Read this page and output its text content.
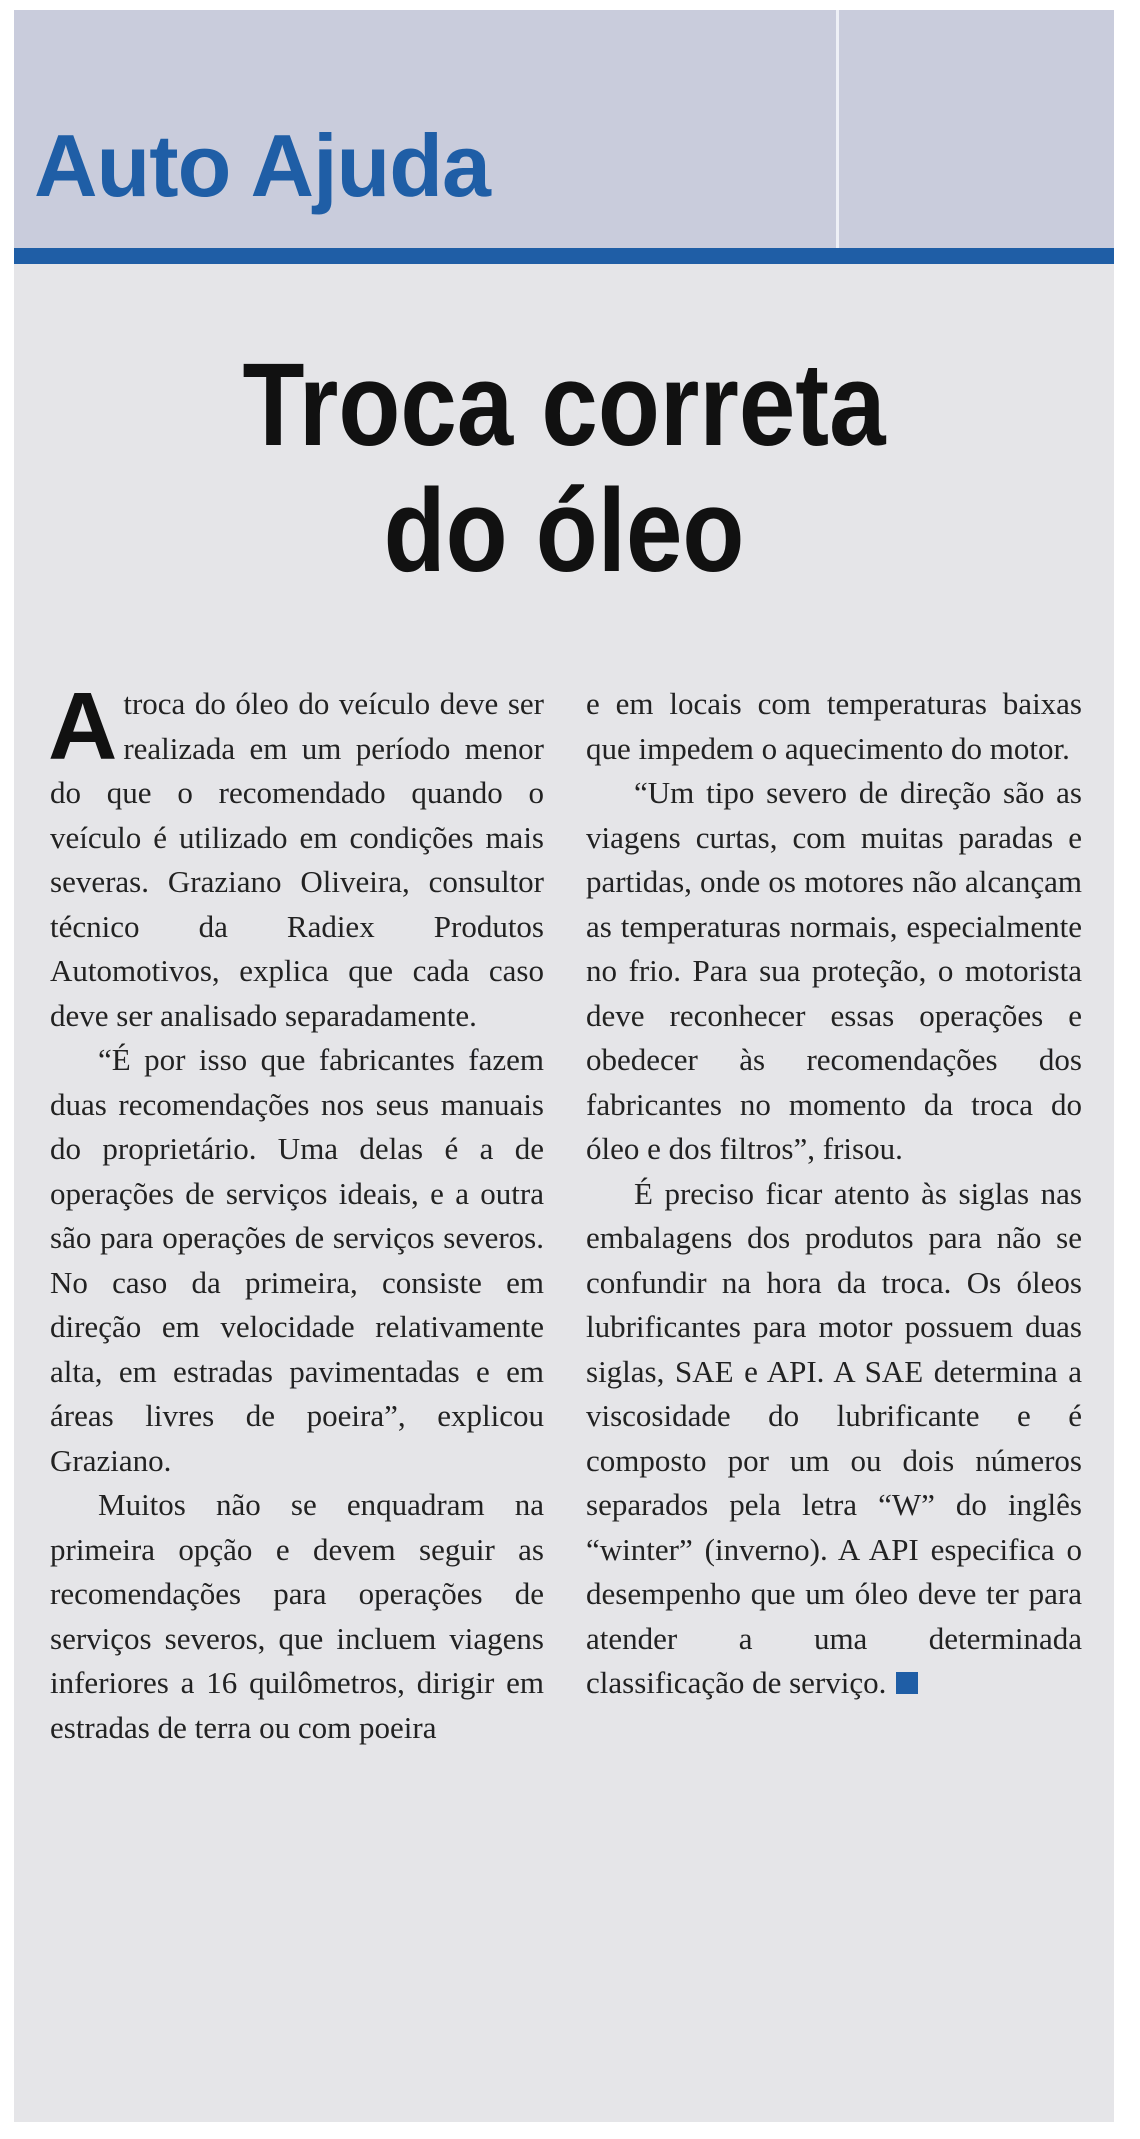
Auto Ajuda
Troca correta
do óleo

Atroca do óleo do veículo deve ser realizada em um período menor do que o recomendado quando o veículo é utilizado em condições mais severas. Graziano Oliveira, consultor técnico da Radiex Produtos Automotivos, explica que cada caso deve ser analisado separadamente.

“É por isso que fabricantes fazem duas recomendações nos seus manuais do proprietário. Uma delas é a de operações de serviços ideais, e a outra são para operações de serviços severos. No caso da primeira, consiste em direção em velocidade relativamente alta, em estradas pavimentadas e em áreas livres de poeira”, explicou Graziano.

Muitos não se enquadram na primeira opção e devem seguir as recomendações para operações de serviços severos, que incluem viagens inferiores a 16 quilômetros, dirigir em estradas de terra ou com poeira

e em locais com temperaturas baixas que impedem o aquecimento do motor.

“Um tipo severo de direção são as viagens curtas, com muitas paradas e partidas, onde os motores não alcançam as temperaturas normais, especialmente no frio. Para sua proteção, o motorista deve reconhecer essas operações e obedecer às recomendações dos fabricantes no momento da troca do óleo e dos filtros”, frisou.

É preciso ficar atento às siglas nas embalagens dos produtos para não se confundir na hora da troca. Os óleos lubrificantes para motor possuem duas siglas, SAE e API. A SAE determina a viscosidade do lubrificante e é composto por um ou dois números separados pela letra “W” do inglês “winter” (inverno). A API especifica o desempenho que um óleo deve ter para atender a uma determinada classificação de serviço.
